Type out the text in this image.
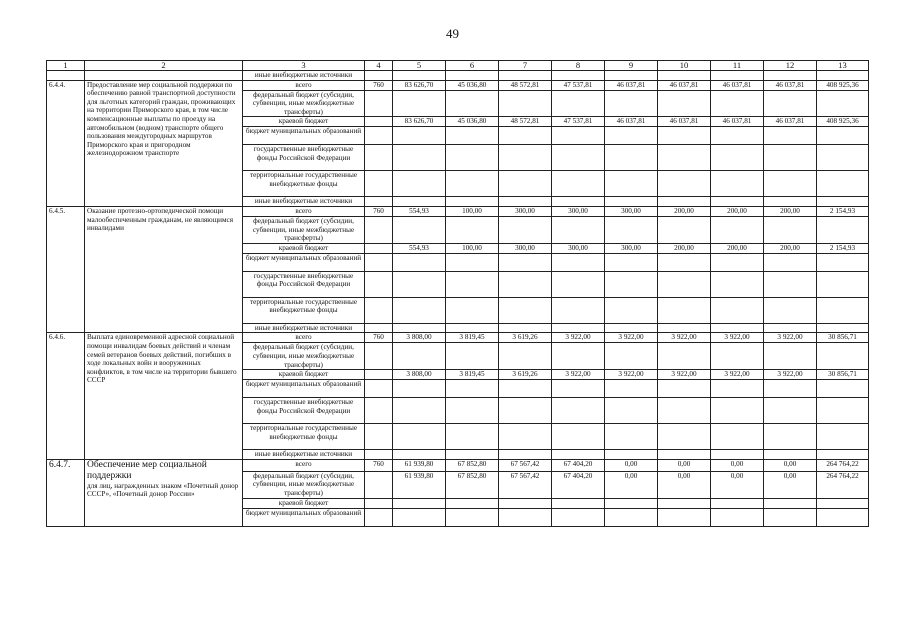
49
1	2	3	4	5	6	7	8	9	10	11	12	13
		иные внебюджетные источники										
6.4.4.	Предоставление мер социальной поддержки по обеспечению равной транспортной доступности для льготных категорий граждан, проживающих на территории Приморского края, в том числе компенсационные выплаты по проезду на автомобильном (водном) транспорте общего пользования междугородных маршрутов Приморского края и пригородном железнодорожном транспорте	всего	760	83 626,70	45 036,80	48 572,81	47 537,81	46 037,81	46 037,81	46 037,81	46 037,81	408 925,36
		федеральный бюджет (субсидии, субвенции, иные межбюджетные трансферты)										
		краевой бюджет		83 626,70	45 036,80	48 572,81	47 537,81	46 037,81	46 037,81	46 037,81	46 037,81	408 925,36
		бюджет муниципальных образований										
		государственные внебюджетные фонды Российской Федерации										
		территориальные государственные внебюджетные фонды										
		иные внебюджетные источники										
6.4.5.	Оказание протезно-ортопедической помощи малообеспеченным гражданам, не являющимся инвалидами	всего	760	554,93	100,00	300,00	300,00	300,00	200,00	200,00	200,00	2 154,93
		федеральный бюджет (субсидии, субвенции, иные межбюджетные трансферты)										
		краевой бюджет		554,93	100,00	300,00	300,00	300,00	200,00	200,00	200,00	2 154,93
		бюджет муниципальных образований										
		государственные внебюджетные фонды Российской Федерации										
		территориальные государственные внебюджетные фонды										
		иные внебюджетные источники										
6.4.6.	Выплата единовременной адресной социальной помощи инвалидам боевых действий и членам семей ветеранов боевых действий, погибших в ходе локальных войн и вооруженных конфликтов, в том числе на территории бывшего СССР	всего	760	3 808,00	3 819,45	3 619,26	3 922,00	3 922,00	3 922,00	3 922,00	3 922,00	30 856,71
		федеральный бюджет (субсидии, субвенции, иные межбюджетные трансферты)										
		краевой бюджет		3 808,00	3 819,45	3 619,26	3 922,00	3 922,00	3 922,00	3 922,00	3 922,00	30 856,71
		бюджет муниципальных образований										
		государственные внебюджетные фонды Российской Федерации										
		территориальные государственные внебюджетные фонды										
		иные внебюджетные источники										
6.4.7.	Обеспечение мер социальной поддержки
для лиц, награжденных знаком «Почетный донор СССР», «Почетный донор России»	всего	760	61 939,80	67 852,80	67 567,42	67 404,20	0,00	0,00	0,00	0,00	264 764,22
		федеральный бюджет (субсидии, субвенции, иные межбюджетные трансферты)		61 939,80	67 852,80	67 567,42	67 404,20	0,00	0,00	0,00	0,00	264 764,22
		краевой бюджет										
		бюджет муниципальных образований										
